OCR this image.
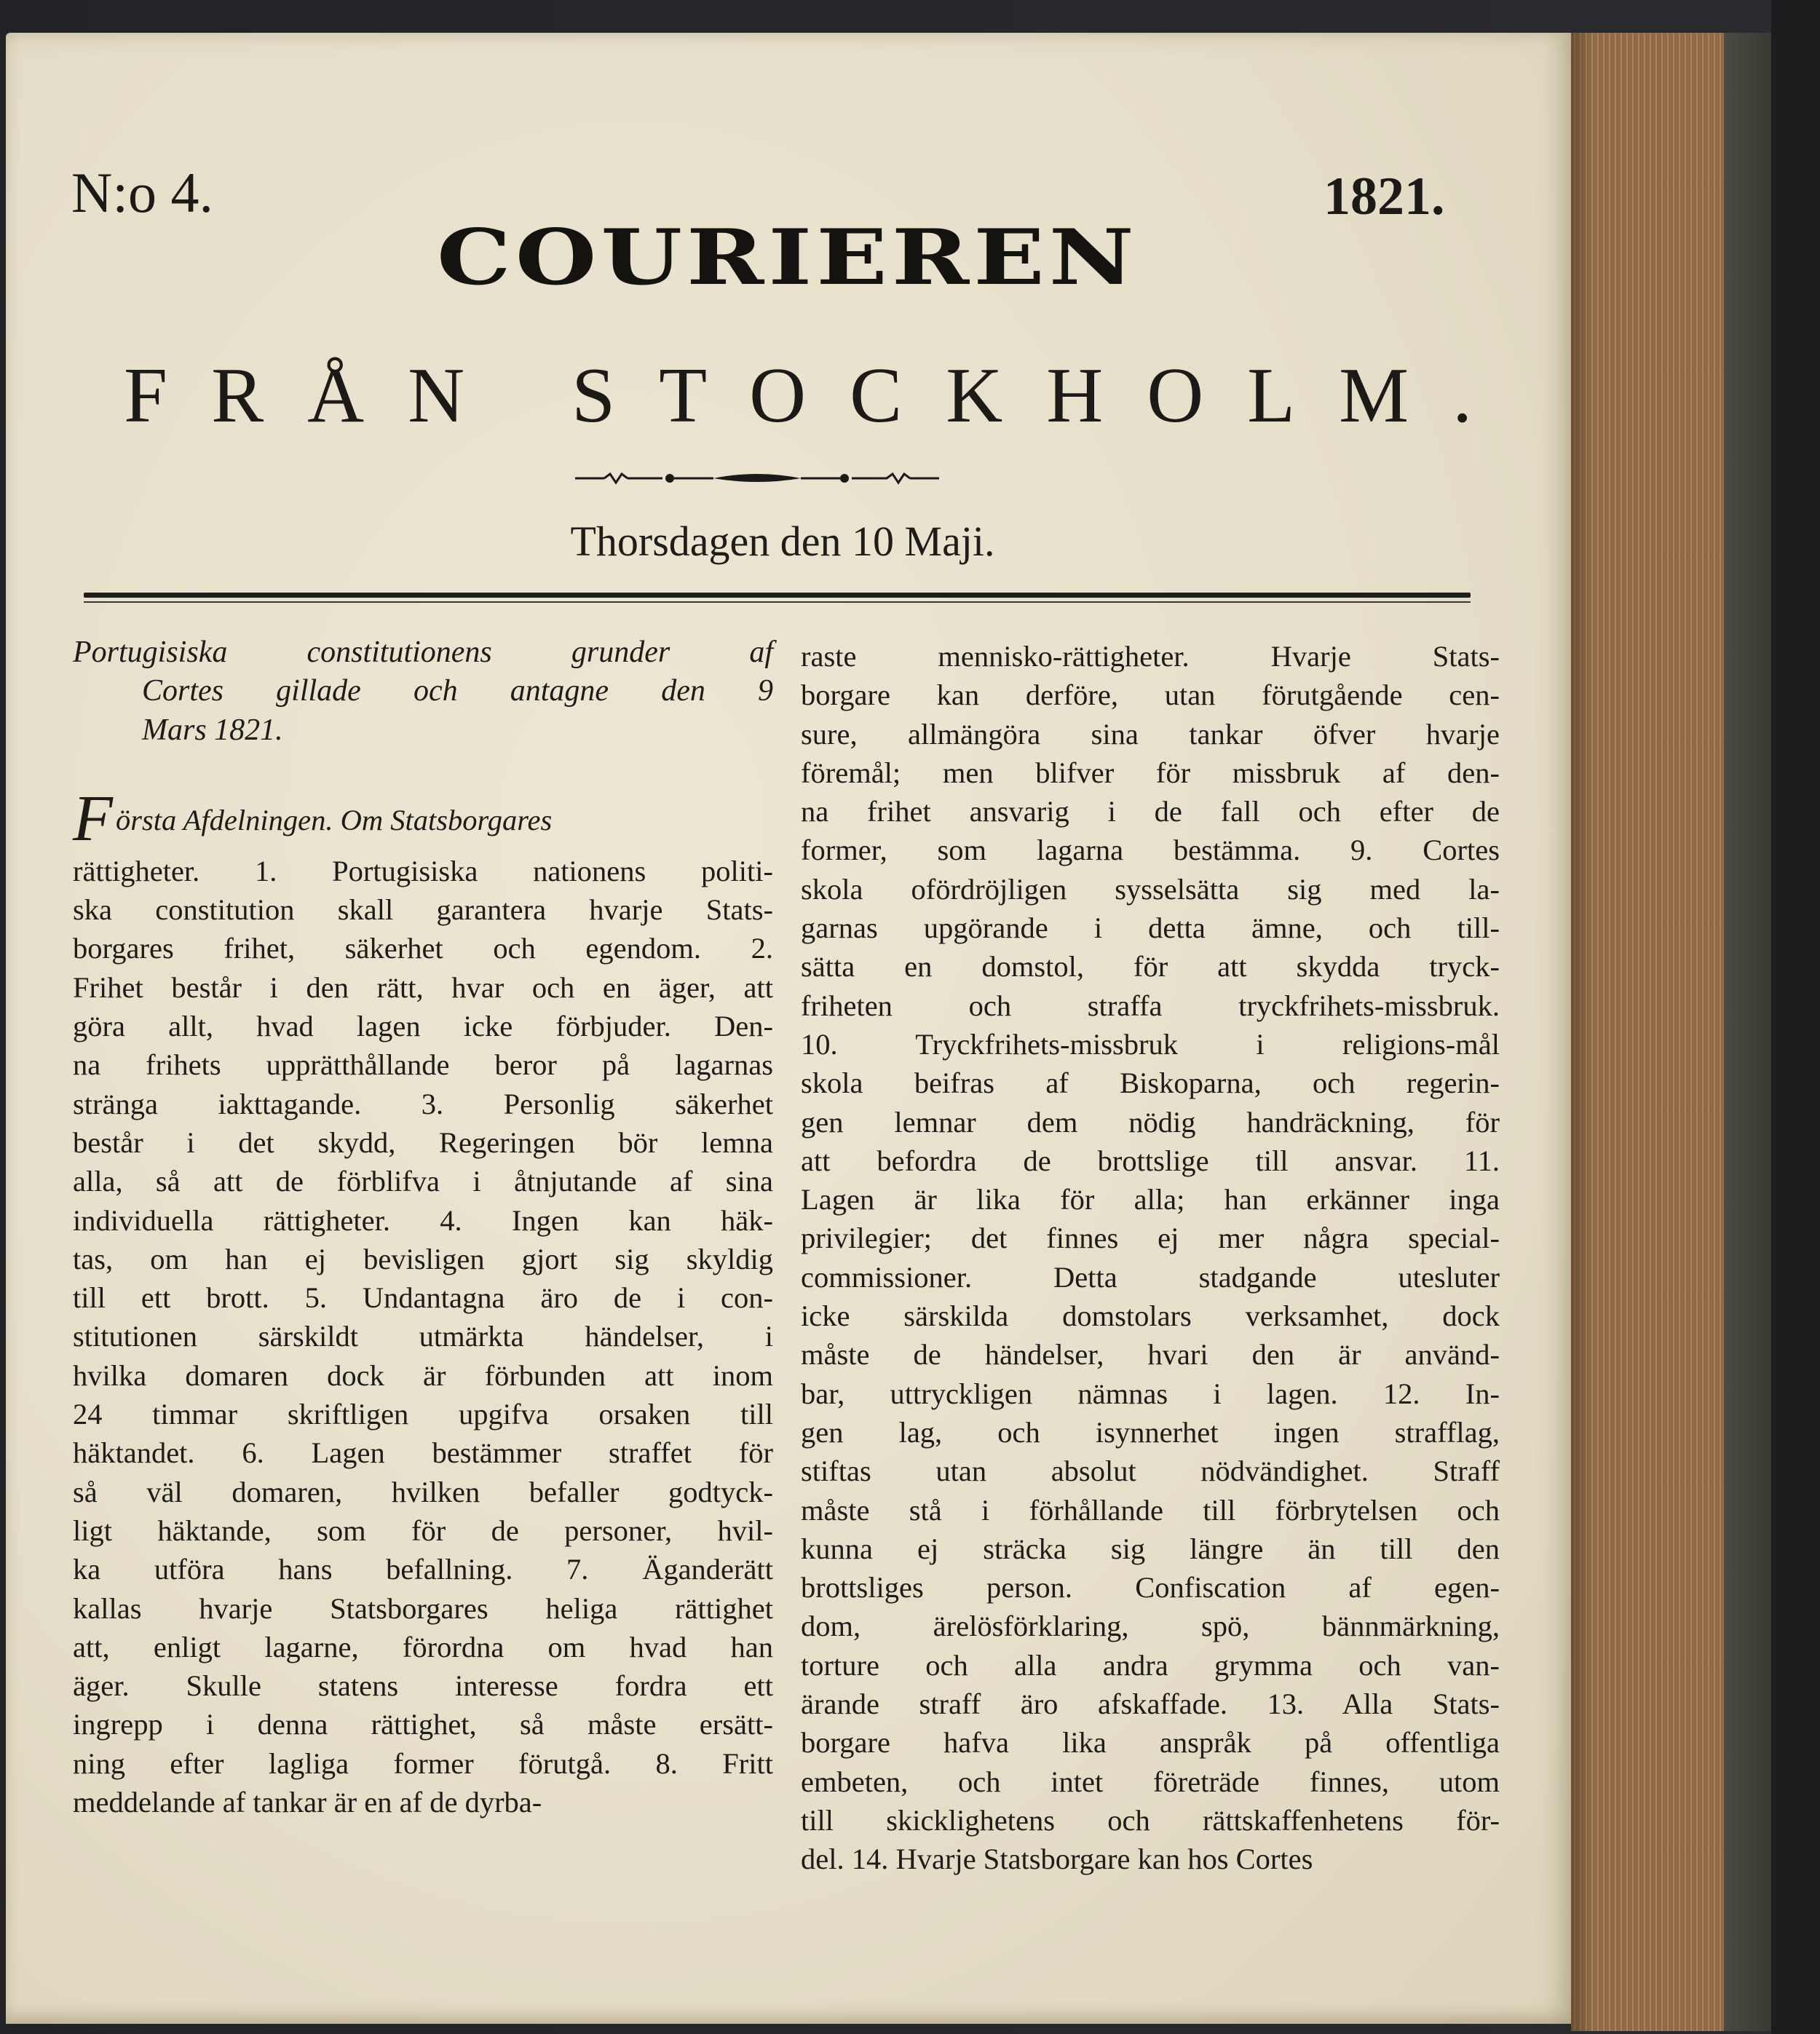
N:o 4.	1821.
COURIEREN
FRÅN STOCKHOLM.
Thorsdagen den 10 Maji.
Portugisiska constitutionens grunder af
Cortes gillade och antagne den 9
Mars 1821.
Första Afdelningen. Om Statsborgares
rättigheter. 1. Portugisiska nationens politi-
ska constitution skall garantera hvarje Stats-
borgares frihet, säkerhet och egendom. 2.
Frihet består i den rätt, hvar och en äger, att
göra allt, hvad lagen icke förbjuder. Den-
na frihets upprätthållande beror på lagarnas
stränga iakttagande. 3. Personlig säkerhet
består i det skydd, Regeringen bör lemna
alla, så att de förblifva i åtnjutande af sina
individuella rättigheter. 4. Ingen kan häk-
tas, om han ej bevisligen gjort sig skyldig
till ett brott. 5. Undantagna äro de i con-
stitutionen särskildt utmärkta händelser, i
hvilka domaren dock är förbunden att inom
24 timmar skriftligen upgifva orsaken till
häktandet. 6. Lagen bestämmer straffet för
så väl domaren, hvilken befaller godtyck-
ligt häktande, som för de personer, hvil-
ka utföra hans befallning. 7. Äganderätt
kallas hvarje Statsborgares heliga rättighet
att, enligt lagarne, förordna om hvad han
äger. Skulle statens interesse fordra ett
ingrepp i denna rättighet, så måste ersätt-
ning efter lagliga former förutgå. 8. Fritt
meddelande af tankar är en af de dyrba-
raste mennisko-rättigheter. Hvarje Stats-
borgare kan derföre, utan förutgående cen-
sure, allmängöra sina tankar öfver hvarje
föremål; men blifver för missbruk af den-
na frihet ansvarig i de fall och efter de
former, som lagarna bestämma. 9. Cortes
skola ofördröjligen sysselsätta sig med la-
garnas upgörande i detta ämne, och till-
sätta en domstol, för att skydda tryck-
friheten och straffa tryckfrihets-missbruk.
10. Tryckfrihets-missbruk i religions-mål
skola beifras af Biskoparna, och regerin-
gen lemnar dem nödig handräckning, för
att befordra de brottslige till ansvar. 11.
Lagen är lika för alla; han erkänner inga
privilegier; det finnes ej mer några special-
commissioner. Detta stadgande utesluter
icke särskilda domstolars verksamhet, dock
måste de händelser, hvari den är använd-
bar, uttryckligen nämnas i lagen. 12. In-
gen lag, och isynnerhet ingen strafflag,
stiftas utan absolut nödvändighet. Straff
måste stå i förhållande till förbrytelsen och
kunna ej sträcka sig längre än till den
brottsliges person. Confiscation af egen-
dom, ärelösförklaring, spö, bännmärkning,
torture och alla andra grymma och van-
ärande straff äro afskaffade. 13. Alla Stats-
borgare hafva lika anspråk på offentliga
embeten, och intet företräde finnes, utom
till skicklighetens och rättskaffenhetens för-
del. 14. Hvarje Statsborgare kan hos Cortes
